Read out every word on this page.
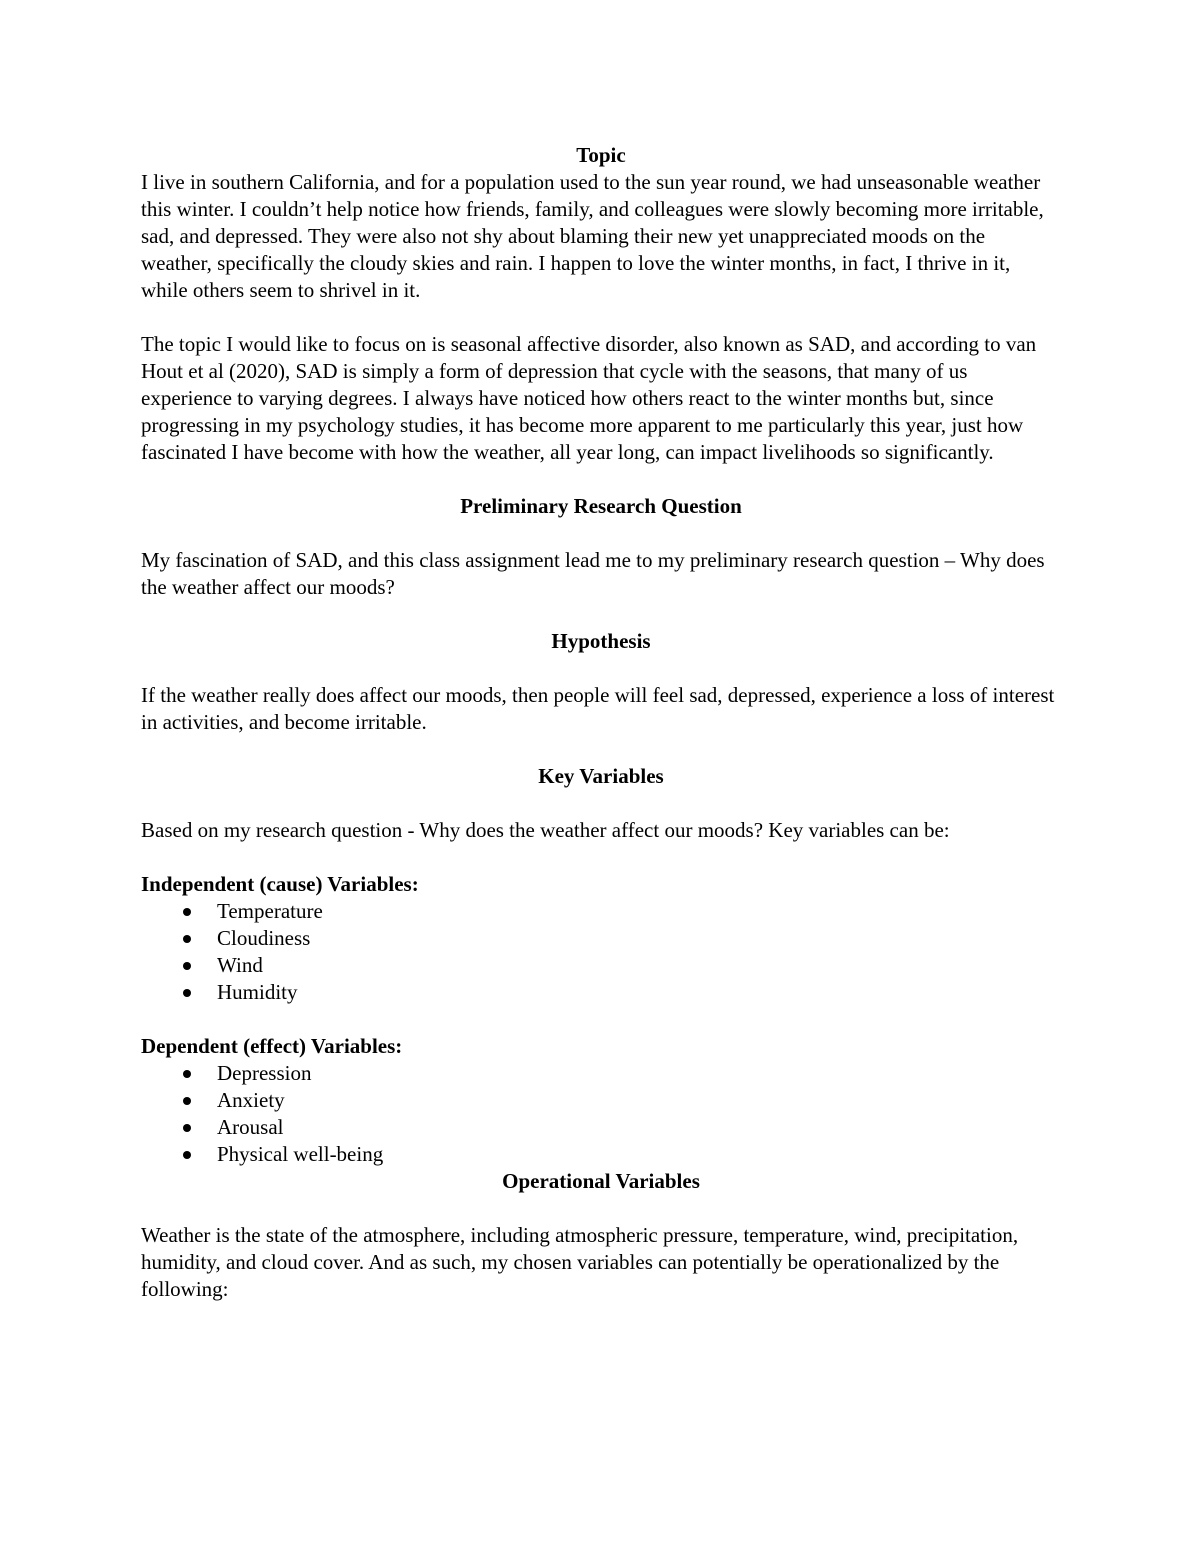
Topic

I live in southern California, and for a population used to the sun year round, we had unseasonable weather this winter. I couldn’t help notice how friends, family, and colleagues were slowly becoming more irritable, sad, and depressed. They were also not shy about blaming their new yet unappreciated moods on the weather, specifically the cloudy skies and rain. I happen to love the winter months, in fact, I thrive in it, while others seem to shrivel in it.

The topic I would like to focus on is seasonal affective disorder, also known as SAD, and according to van Hout et al (2020), SAD is simply a form of depression that cycle with the seasons, that many of us experience to varying degrees. I always have noticed how others react to the winter months but, since progressing in my psychology studies, it has become more apparent to me particularly this year, just how fascinated I have become with how the weather, all year long, can impact livelihoods so significantly.

Preliminary Research Question

My fascination of SAD, and this class assignment lead me to my preliminary research question – Why does the weather affect our moods?

Hypothesis

If the weather really does affect our moods, then people will feel sad, depressed, experience a loss of interest in activities, and become irritable.

Key Variables

Based on my research question - Why does the weather affect our moods? Key variables can be:

Independent (cause) Variables:

Temperature
Cloudiness
Wind
Humidity

Dependent (effect) Variables:

Depression
Anxiety
Arousal
Physical well-being

Operational Variables

Weather is the state of the atmosphere, including atmospheric pressure, temperature, wind, precipitation, humidity, and cloud cover. And as such, my chosen variables can potentially be operationalized by the following:
